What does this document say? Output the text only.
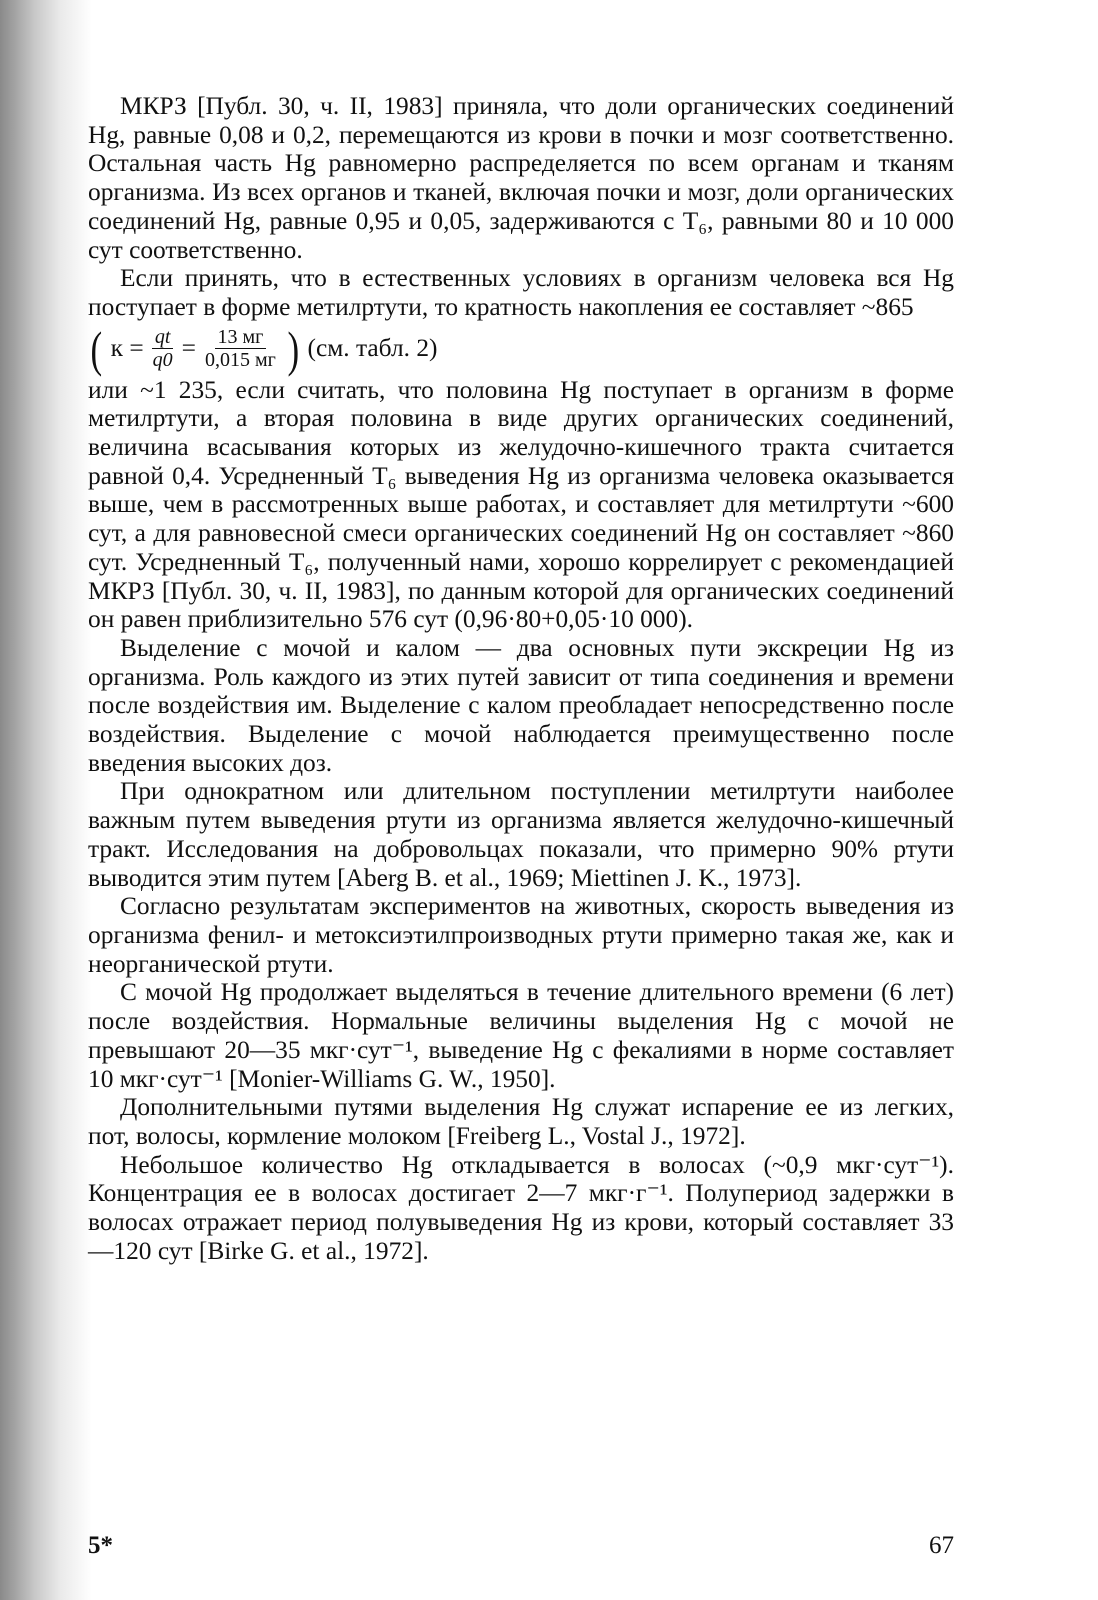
МКРЗ [Публ. 30, ч. II, 1983] приняла, что доли органических соединений Hg, равные 0,08 и 0,2, перемещаются из крови в почки и мозг соответственно. Остальная часть Hg равномерно распределяется по всем органам и тканям организма. Из всех органов и тканей, включая почки и мозг, доли органических соединений Hg, равные 0,95 и 0,05, задерживаются с T₆, равными 80 и 10 000 сут соответственно.

Если принять, что в естественных условиях в организм человека вся Hg поступает в форме метилртути, то кратность накопления ее составляет ~865

( $к = \frac{qt}{q0} = \frac{13 мг}{0,015 мг}$ ) (см. табл. 2)

или ~1 235, если считать, что половина Hg поступает в организм в форме метилртути, а вторая половина в виде других органических соединений, величина всасывания которых из желудочно-кишечного тракта считается равной 0,4. Усредненный T₆ выведения Hg из организма человека оказывается выше, чем в рассмотренных выше работах, и составляет для метилртути ~600 сут, а для равновесной смеси органических соединений Hg он составляет ~860 сут. Усредненный T₆, полученный нами, хорошо коррелирует с рекомендацией МКРЗ [Публ. 30, ч. II, 1983], по данным которой для органических соединений он равен приблизительно 576 сут (0,96·80+0,05·10 000).

Выделение с мочой и калом — два основных пути экскреции Hg из организма. Роль каждого из этих путей зависит от типа соединения и времени после воздействия им. Выделение с калом преобладает непосредственно после воздействия. Выделение с мочой наблюдается преимущественно после введения высоких доз.

При однократном или длительном поступлении метилртути наиболее важным путем выведения ртути из организма является желудочно-кишечный тракт. Исследования на добровольцах показали, что примерно 90% ртути выводится этим путем [Aberg B. et al., 1969; Miettinen J. K., 1973].

Согласно результатам экспериментов на животных, скорость выведения из организма фенил- и метоксиэтилпроизводных ртути примерно такая же, как и неорганической ртути.

С мочой Hg продолжает выделяться в течение длительного времени (6 лет) после воздействия. Нормальные величины выделения Hg с мочой не превышают 20—35 мкг·сут⁻¹, выведение Hg с фекалиями в норме составляет 10 мкг·сут⁻¹ [Monier-Williams G. W., 1950].

Дополнительными путями выделения Hg служат испарение ее из легких, пот, волосы, кормление молоком [Freiberg L., Vostal J., 1972].

Небольшое количество Hg откладывается в волосах (~0,9 мкг·сут⁻¹). Концентрация ее в волосах достигает 2—7 мкг·г⁻¹. Полупериод задержки в волосах отражает период полувыведения Hg из крови, который составляет 33—120 сут [Birke G. et al., 1972].

5*	67
